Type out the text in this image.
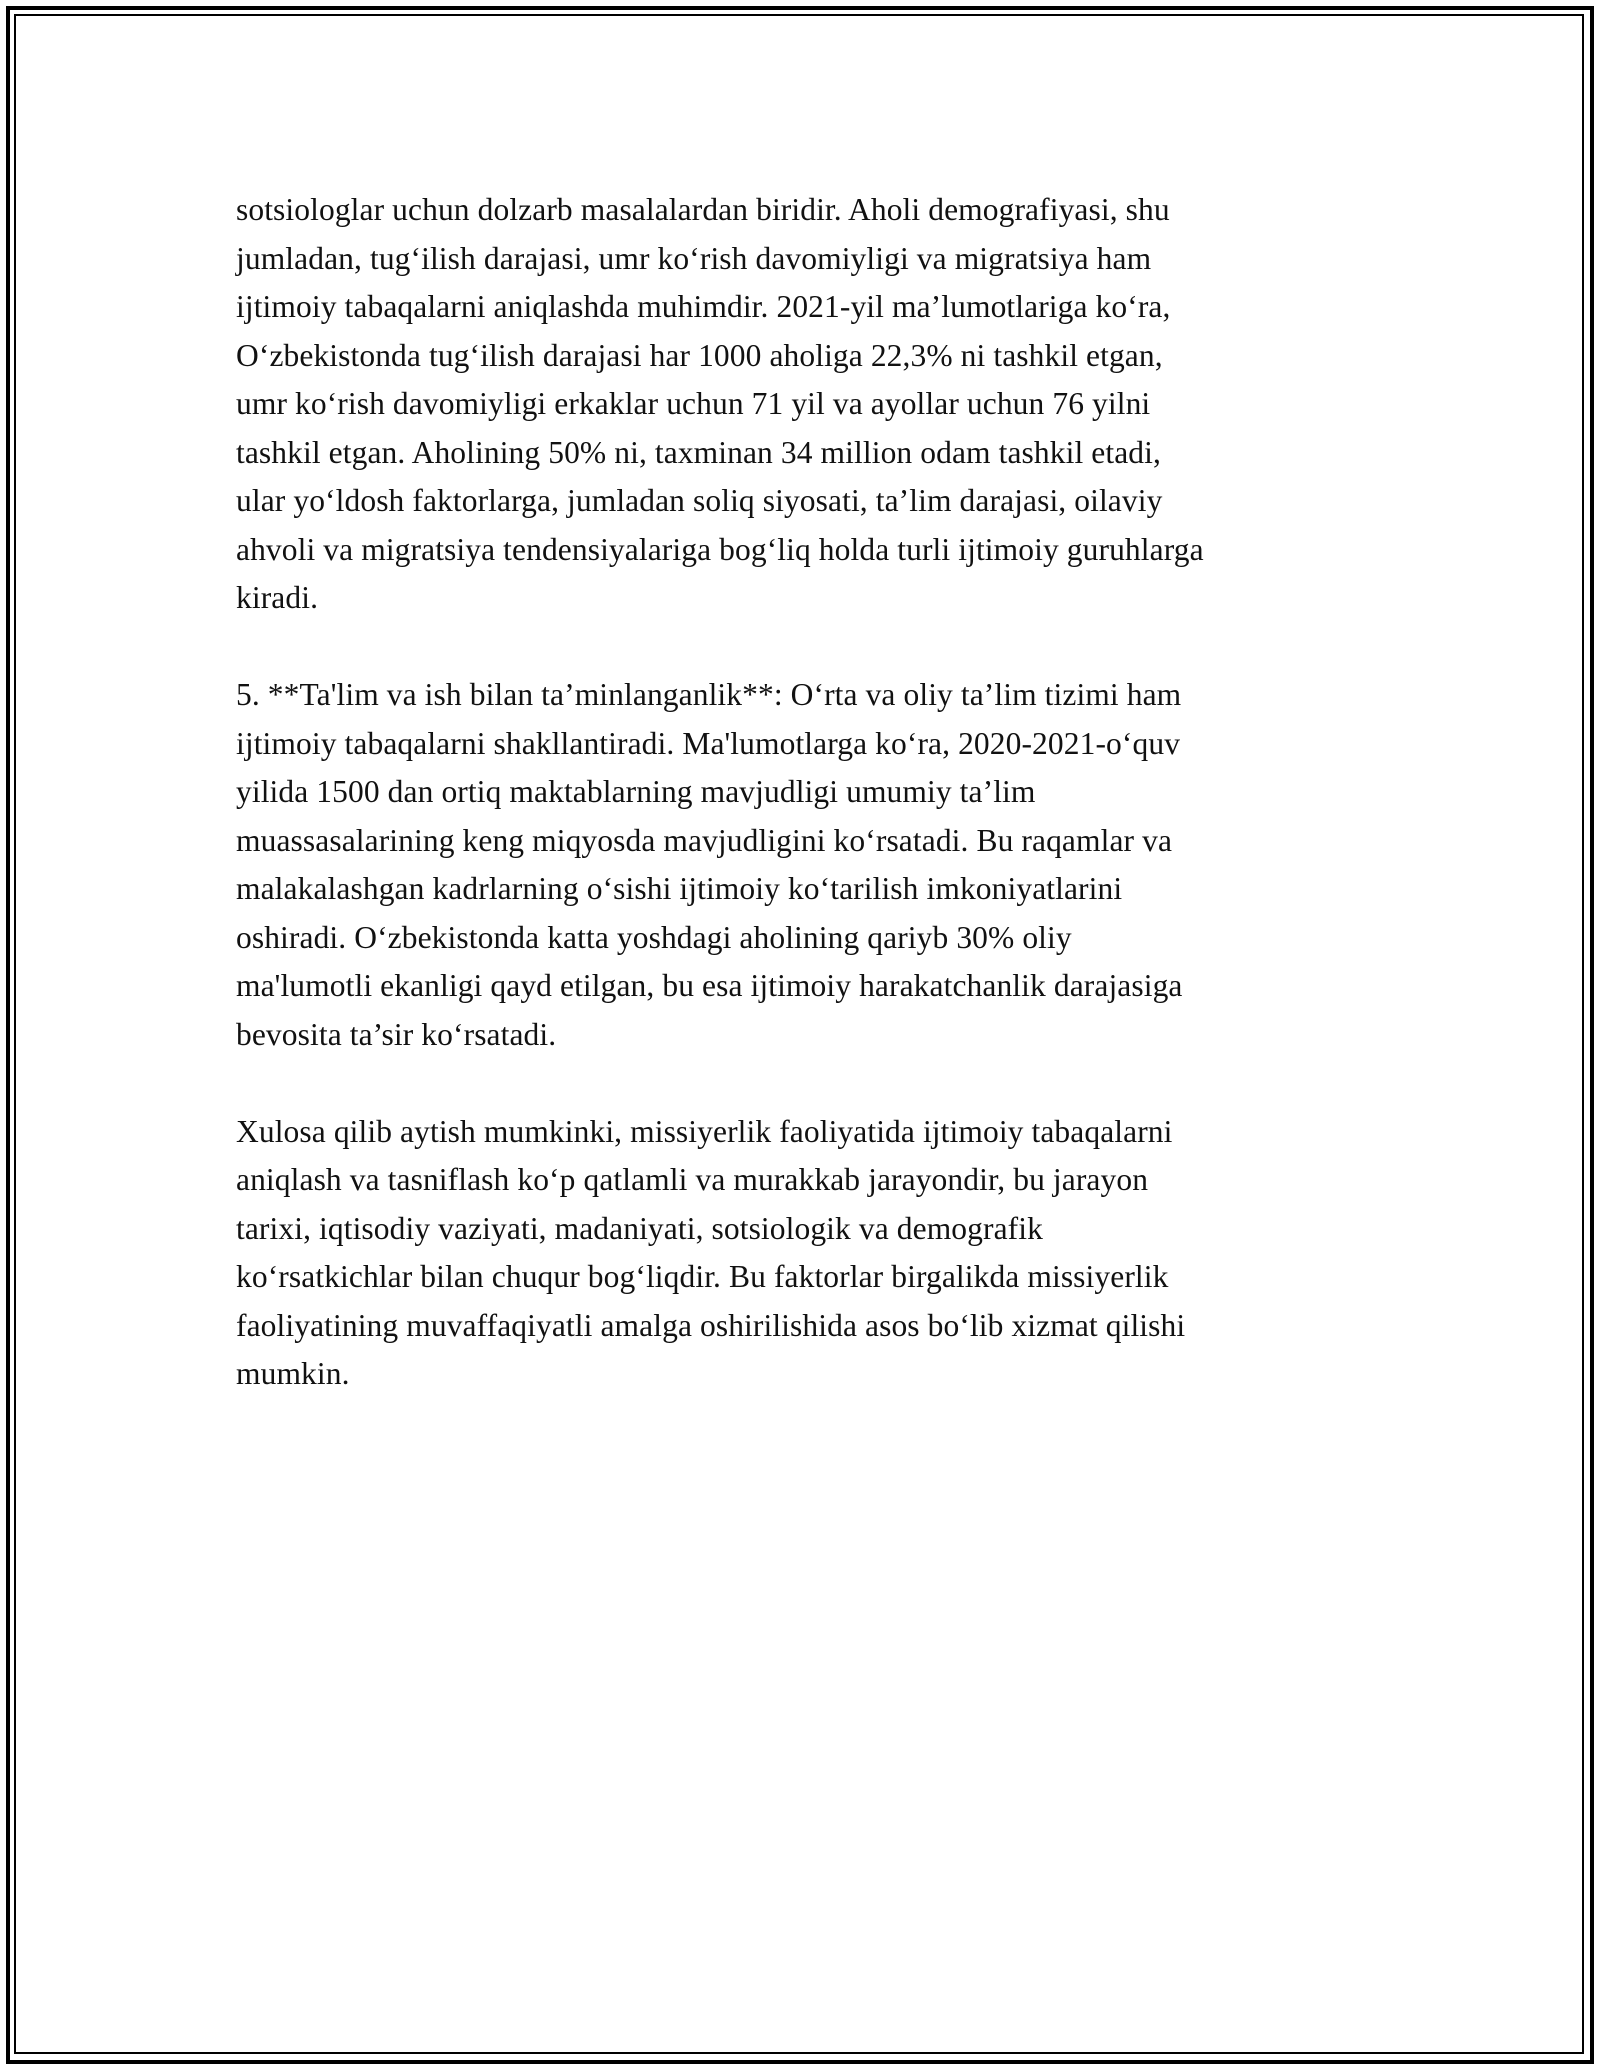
sotsiologlar uchun dolzarb masalalardan biridir. Aholi demografiyasi, shu
jumladan, tug‘ilish darajasi, umr ko‘rish davomiyligi va migratsiya ham
ijtimoiy tabaqalarni aniqlashda muhimdir. 2021-yil ma’lumotlariga ko‘ra,
O‘zbekistonda tug‘ilish darajasi har 1000 aholiga 22,3% ni tashkil etgan,
umr ko‘rish davomiyligi erkaklar uchun 71 yil va ayollar uchun 76 yilni
tashkil etgan. Aholining 50% ni, taxminan 34 million odam tashkil etadi,
ular yo‘ldosh faktorlarga, jumladan soliq siyosati, ta’lim darajasi, oilaviy
ahvoli va migratsiya tendensiyalariga bog‘liq holda turli ijtimoiy guruhlarga
kiradi.

5. **Ta'lim va ish bilan ta’minlanganlik**: O‘rta va oliy ta’lim tizimi ham
ijtimoiy tabaqalarni shakllantiradi. Ma'lumotlarga ko‘ra, 2020-2021-o‘quv
yilida 1500 dan ortiq maktablarning mavjudligi umumiy ta’lim
muassasalarining keng miqyosda mavjudligini ko‘rsatadi. Bu raqamlar va
malakalashgan kadrlarning o‘sishi ijtimoiy ko‘tarilish imkoniyatlarini
oshiradi. O‘zbekistonda katta yoshdagi aholining qariyb 30% oliy
ma'lumotli ekanligi qayd etilgan, bu esa ijtimoiy harakatchanlik darajasiga
bevosita ta’sir ko‘rsatadi.

Xulosa qilib aytish mumkinki, missiyerlik faoliyatida ijtimoiy tabaqalarni
aniqlash va tasniflash ko‘p qatlamli va murakkab jarayondir, bu jarayon
tarixi, iqtisodiy vaziyati, madaniyati, sotsiologik va demografik
ko‘rsatkichlar bilan chuqur bog‘liqdir. Bu faktorlar birgalikda missiyerlik
faoliyatining muvaffaqiyatli amalga oshirilishida asos bo‘lib xizmat qilishi
mumkin.
